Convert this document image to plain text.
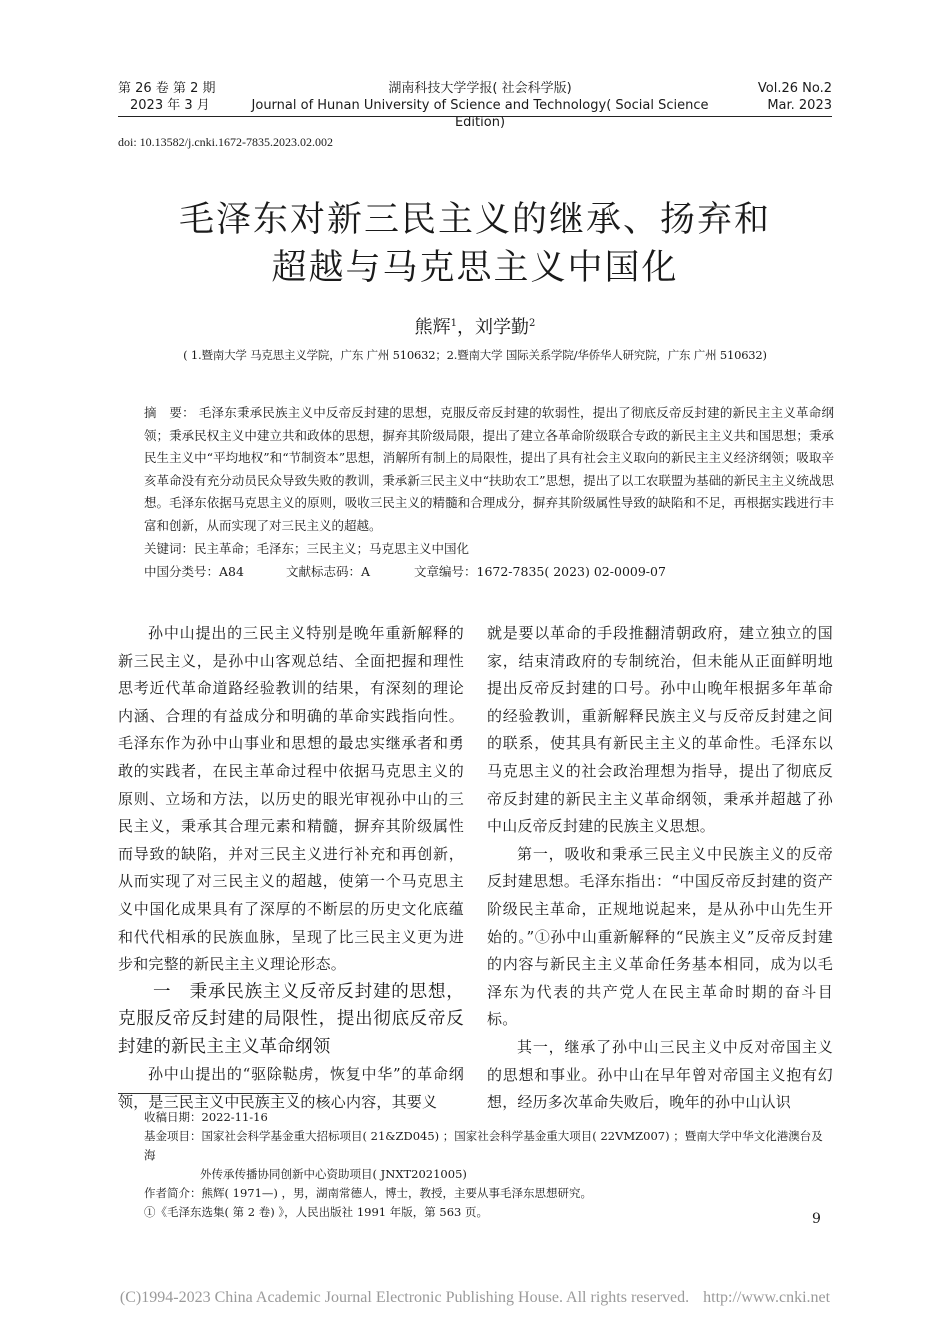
第 26 卷 第 2 期
2023 年 3 月
湖南科技大学学报( 社会科学版)
Journal of Hunan University of Science and Technology( Social Science Edition)
Vol.26 No.2
Mar. 2023
doi: 10.13582/j.cnki.1672-7835.2023.02.002
毛泽东对新三民主义的继承、扬弃和
超越与马克思主义中国化
熊辉$^1$，刘学勤$^2$
( 1.暨南大学 马克思主义学院，广东 广州 510632；2.暨南大学 国际关系学院/华侨华人研究院，广东 广州 510632)
摘　要： 毛泽东秉承民族主义中反帝反封建的思想，克服反帝反封建的软弱性，提出了彻底反帝反封建的新民主主义革命纲领；秉承民权主义中建立共和政体的思想，摒弃其阶级局限，提出了建立各革命阶级联合专政的新民主主义共和国思想；秉承民生主义中“平均地权”和“节制资本”思想，消解所有制上的局限性，提出了具有社会主义取向的新民主主义经济纲领；吸取辛亥革命没有充分动员民众导致失败的教训，秉承新三民主义中“扶助农工”思想，提出了以工农联盟为基础的新民主主义统战思想。毛泽东依据马克思主义的原则，吸收三民主义的精髓和合理成分，摒弃其阶级属性导致的缺陷和不足，再根据实践进行丰富和创新，从而实现了对三民主义的超越。
关键词：民主革命；毛泽东；三民主义；马克思主义中国化
中国分类号：A84	文献标志码：A	文章编号：1672-7835( 2023) 02-0009-07

孙中山提出的三民主义特别是晚年重新解释的新三民主义，是孙中山客观总结、全面把握和理性思考近代革命道路经验教训的结果，有深刻的理论内涵、合理的有益成分和明确的革命实践指向性。毛泽东作为孙中山事业和思想的最忠实继承者和勇敢的实践者，在民主革命过程中依据马克思主义的原则、立场和方法，以历史的眼光审视孙中山的三民主义，秉承其合理元素和精髓，摒弃其阶级属性而导致的缺陷，并对三民主义进行补充和再创新，从而实现了对三民主义的超越，使第一个马克思主义中国化成果具有了深厚的不断层的历史文化底蕴和代代相承的民族血脉，呈现了比三民主义更为进步和完整的新民主主义理论形态。

一　秉承民族主义反帝反封建的思想，克服反帝反封建的局限性，提出彻底反帝反封建的新民主主义革命纲领

孙中山提出的“驱除鞑虏，恢复中华”的革命纲领，是三民主义中民族主义的核心内容，其要义

就是要以革命的手段推翻清朝政府，建立独立的国家，结束清政府的专制统治，但未能从正面鲜明地提出反帝反封建的口号。孙中山晚年根据多年革命的经验教训，重新解释民族主义与反帝反封建之间的联系，使其具有新民主主义的革命性。毛泽东以马克思主义的社会政治理想为指导，提出了彻底反帝反封建的新民主主义革命纲领，秉承并超越了孙中山反帝反封建的民族主义思想。

第一，吸收和秉承三民主义中民族主义的反帝反封建思想。毛泽东指出：“中国反帝反封建的资产阶级民主革命，正规地说起来，是从孙中山先生开始的。”①孙中山重新解释的“民族主义”反帝反封建的内容与新民主主义革命任务基本相同，成为以毛泽东为代表的共产党人在民主革命时期的奋斗目标。

其一，继承了孙中山三民主义中反对帝国主义的思想和事业。孙中山在早年曾对帝国主义抱有幻想，经历多次革命失败后，晚年的孙中山认识

收稿日期：2022-11-16
基金项目：国家社会科学基金重大招标项目( 21&ZD045) ；国家社会科学基金重大项目( 22VMZ007) ；暨南大学中华文化港澳台及海
外传承传播协同创新中心资助项目( JNXT2021005)
作者简介：熊辉( 1971—) ，男，湖南常德人，博士，教授，主要从事毛泽东思想研究。
①《毛泽东选集( 第 2 卷) 》，人民出版社 1991 年版，第 563 页。	9
(C)1994-2023 China Academic Journal Electronic Publishing House. All rights reserved. http://www.cnki.net
